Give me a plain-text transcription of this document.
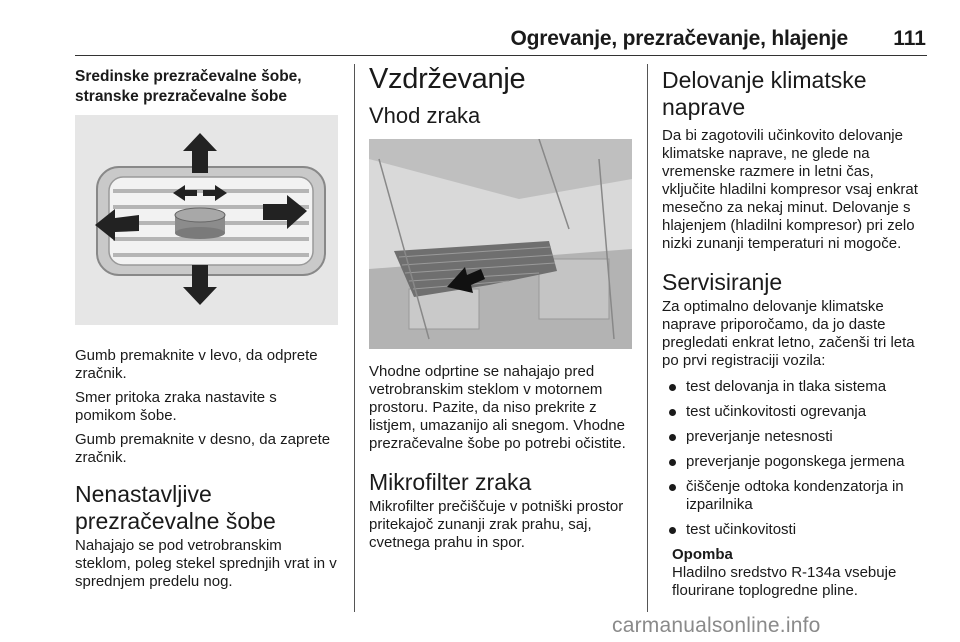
Ogrevanje, prezračevanje, hlajenje	111

Sredinske prezračevalne šobe, stranske prezračevalne šobe

Gumb premaknite v levo, da odprete zračnik.

Smer pritoka zraka nastavite s pomikom šobe.

Gumb premaknite v desno, da zaprete zračnik.

Nenastavljive prezračevalne šobe

Nahajajo se pod vetrobranskim steklom, poleg stekel sprednjih vrat in v sprednjem predelu nog.

Vzdrževanje
Vhod zraka

Vhodne odprtine se nahajajo pred vetrobranskim steklom v motornem prostoru. Pazite, da niso prekrite z listjem, umazanijo ali snegom. Vhodne prezračevalne šobe po potrebi očistite.

Mikrofilter zraka

Mikrofilter prečiščuje v potniški prostor pritekajoč zunanji zrak prahu, saj, cvetnega prahu in spor.

Delovanje klimatske naprave

Da bi zagotovili učinkovito delovanje klimatske naprave, ne glede na vremenske razmere in letni čas, vključite hladilni kompresor vsaj enkrat mesečno za nekaj minut. Delovanje s hlajenjem (hladilni kompresor) pri zelo nizki zunanji temperaturi ni mogoče.

Servisiranje

Za optimalno delovanje klimatske naprave priporočamo, da jo daste pregledati enkrat letno, začenši tri leta po prvi registraciji vozila:

test delovanja in tlaka sistema
test učinkovitosti ogrevanja
preverjanje netesnosti
preverjanje pogonskega jermena
čiščenje odtoka kondenzatorja in izparilnika
test učinkovitosti
Opomba
Hladilno sredstvo R-134a vsebuje flourirane toplogredne pline.
carmanualsonline.info
